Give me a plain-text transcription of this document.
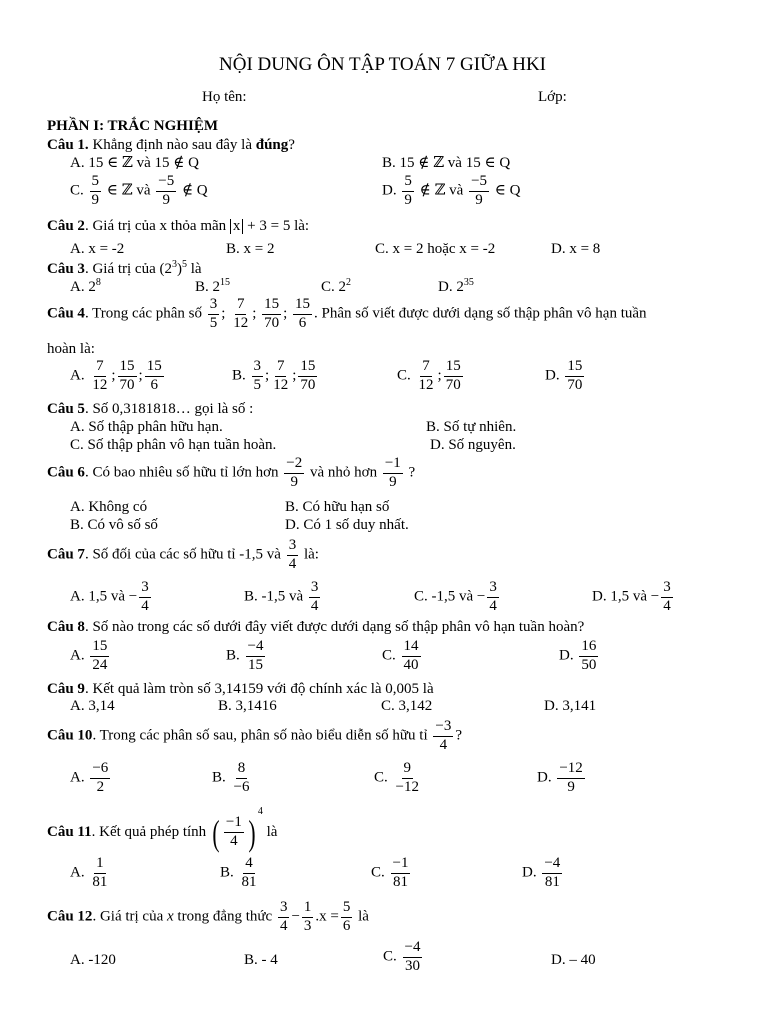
NỘI DUNG ÔN TẬP TOÁN 7 GIỮA HKI
Họ tên:	Lớp:
PHẦN I: TRẮC NGHIỆM
Câu 1. Khẳng định nào sau đây là đúng?
A. 15 ∈ ℤ và 15 ∉ Q	B. 15 ∉ ℤ và 15 ∈ Q
C. $\frac{5}{9}$ ∈ ℤ và $\frac{-5}{9}$ ∉ Q	D. $\frac{5}{9}$ ∉ ℤ và $\frac{-5}{9}$ ∈ Q
Câu 2. Giá trị của x thỏa mãn x + 3 = 5 là:
A. x = -2	B. x = 2	C. x = 2 hoặc x = -2	D. x = 8
Câu 3. Giá trị của $(2^3)^5$ là
A. $2^8$	B. $2^{15}$	C. $2^2$	D. $2^{35}$
Câu 4. Trong các phân số $\frac{3}{5}$ ; $\frac{7}{12}$ ; $\frac{15}{70}$ ; $\frac{15}{6}$ . Phân số viết được dưới dạng số thập phân vô hạn tuần
hoàn là:
A. $\frac{7}{12}$ ; $\frac{15}{70}$ ; $\frac{15}{6}$	B. $\frac{3}{5}$ ; $\frac{7}{12}$ ; $\frac{15}{70}$	C. $\frac{7}{12}$ ; $\frac{15}{70}$	D. $\frac{15}{70}$
Câu 5. Số 0,3181818… gọi là số :
A. Số thập phân hữu hạn.	B. Số tự nhiên.
C. Số thập phân vô hạn tuần hoàn.	D. Số nguyên.
Câu 6. Có bao nhiêu số hữu tỉ lớn hơn $\frac{-2}{9}$ và nhỏ hơn $\frac{-1}{9}$ ?
A. Không có	B. Có hữu hạn số
B. Có vô số số	D. Có 1 số duy nhất.
Câu 7. Số đối của các số hữu tỉ -1,5 và $\frac{3}{4}$ là:
A. 1,5 và − $\frac{3}{4}$	B. -1,5 và $\frac{3}{4}$	C. -1,5 và − $\frac{3}{4}$	D. 1,5 và − $\frac{3}{4}$
Câu 8. Số nào trong các số dưới đây viết được dưới dạng số thập phân vô hạn tuần hoàn?
A. $\frac{15}{24}$	B. $\frac{-4}{15}$	C. $\frac{14}{40}$	D. $\frac{16}{50}$
Câu 9. Kết quả làm tròn số 3,14159 với độ chính xác là 0,005 là
A. 3,14	B. 3,1416	C. 3,142	D. 3,141
Câu 10. Trong các phân số sau, phân số nào biểu diễn số hữu tỉ $\frac{-3}{4}$ ?
A. $\frac{-6}{2}$	B. $\frac{8}{-6}$	C. $\frac{9}{-12}$	D. $\frac{-12}{9}$
Câu 11. Kết quả phép tính ( $\frac{-1}{4} )^4$ là
A. $\frac{1}{81}$	B. $\frac{4}{81}$	C. $\frac{-1}{81}$	D. $\frac{-4}{81}$
Câu 12. Giá trị của x trong đẳng thức $\frac{3}{4} - \frac{1}{3} .x = \frac{5}{6}$ là
A. -120	B. - 4	C. $\frac{-4}{30}$	D. – 40
